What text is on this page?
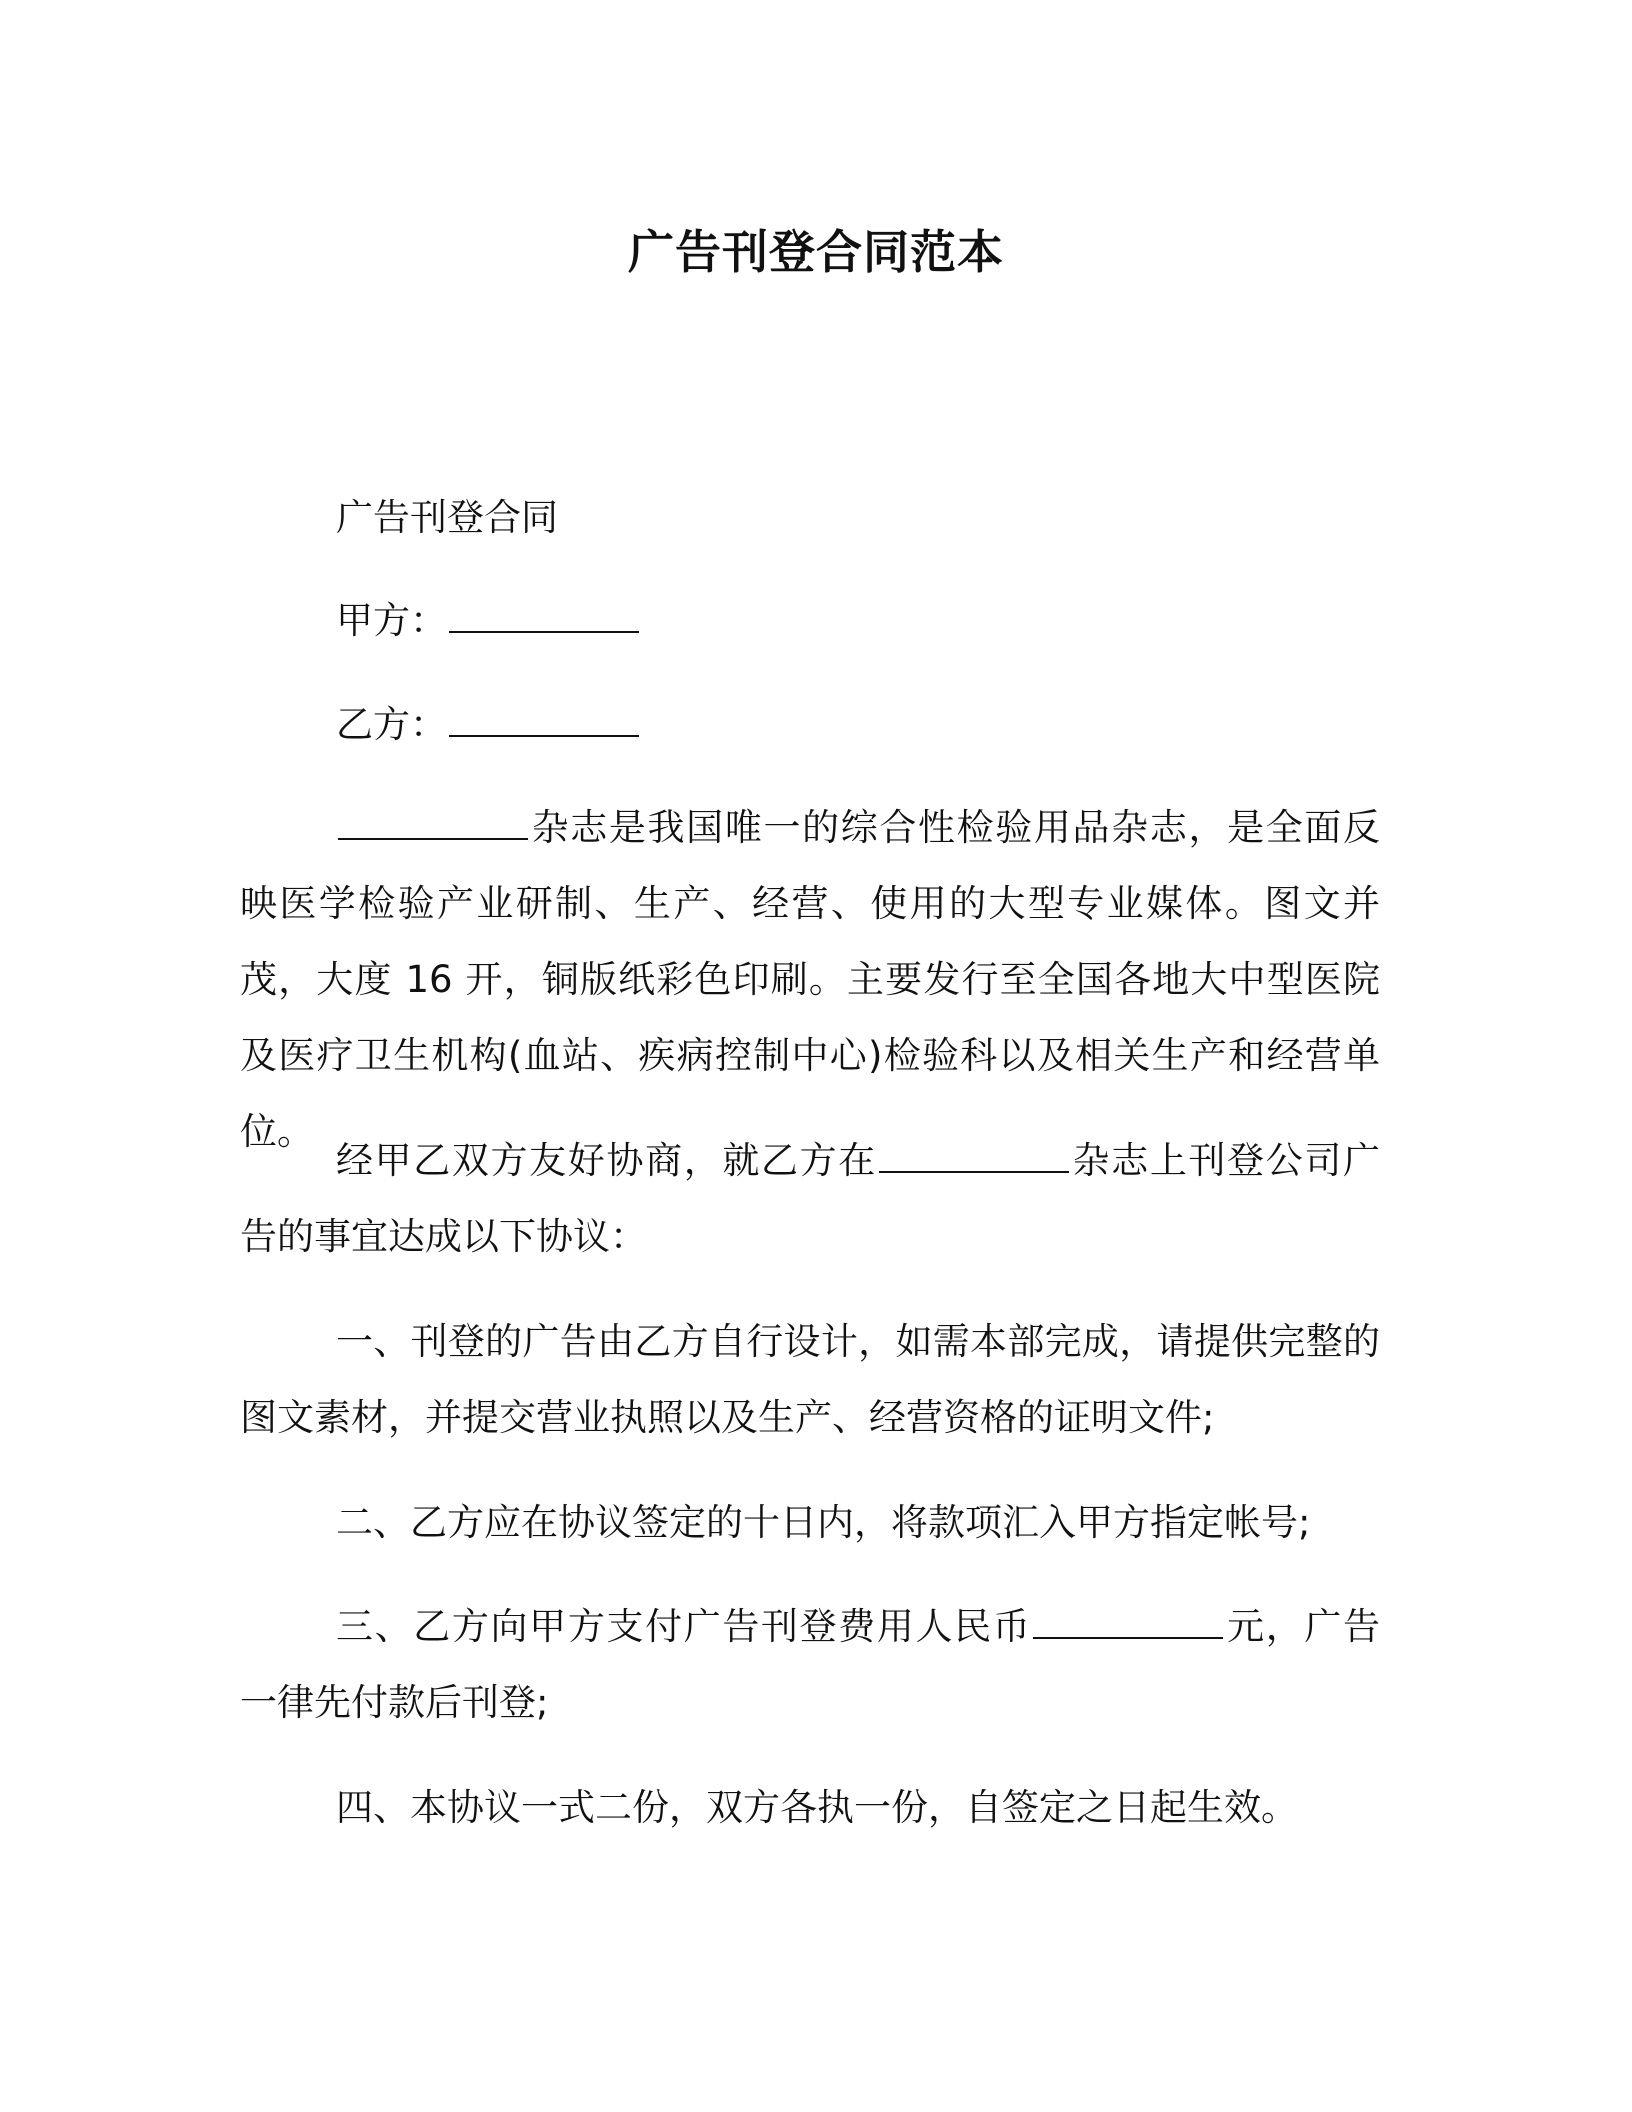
广告刊登合同范本
广告刊登合同
甲方：
乙方：

杂志是我国唯一的综合性检验用品杂志，是全面反映医学检验产业研制、生产、经营、使用的大型专业媒体。图文并茂，大度 16 开，铜版纸彩色印刷。主要发行至全国各地大中型医院及医疗卫生机构(血站、疾病控制中心)检验科以及相关生产和经营单位。

经甲乙双方友好协商，就乙方在	杂志上刊登公司广告的事宜达成以下协议：

一、刊登的广告由乙方自行设计，如需本部完成，请提供完整的图文素材，并提交营业执照以及生产、经营资格的证明文件;

二、乙方应在协议签定的十日内，将款项汇入甲方指定帐号;

三、乙方向甲方支付广告刊登费用人民币	元，广告一律先付款后刊登;

四、本协议一式二份，双方各执一份，自签定之日起生效。
